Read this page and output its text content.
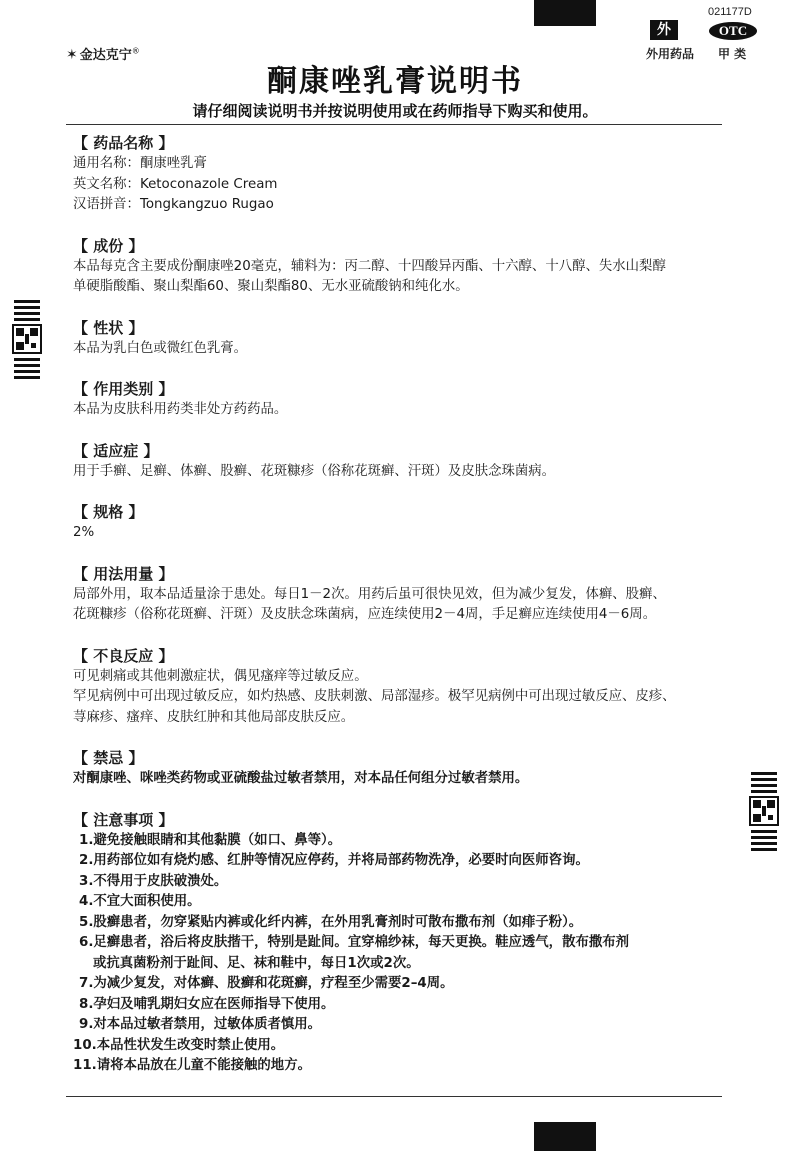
021177D
外	OTC
外用药品 甲 类
✶ 金达克宁®
酮康唑乳膏说明书
请仔细阅读说明书并按说明使用或在药师指导下购买和使用。
【 药品名称 】
通用名称：酮康唑乳膏
英文名称：Ketoconazole Cream
汉语拼音：Tongkangzuo Rugao
【 成份 】
本品每克含主要成份酮康唑20毫克，辅料为：丙二醇、十四酸异丙酯、十六醇、十八醇、失水山梨醇
单硬脂酸酯、聚山梨酯60、聚山梨酯80、无水亚硫酸钠和纯化水。
【 性状 】
本品为乳白色或微红色乳膏。
【 作用类别 】
本品为皮肤科用药类非处方药药品。
【 适应症 】
用于手癣、足癣、体癣、股癣、花斑糠疹（俗称花斑癣、汗斑）及皮肤念珠菌病。
【 规格 】
2%
【 用法用量 】
局部外用，取本品适量涂于患处。每日1－2次。用药后虽可很快见效，但为减少复发，体癣、股癣、
花斑糠疹（俗称花斑癣、汗斑）及皮肤念珠菌病，应连续使用2－4周，手足癣应连续使用4－6周。
【 不良反应 】
可见刺痛或其他刺激症状，偶见瘙痒等过敏反应。
罕见病例中可出现过敏反应，如灼热感、皮肤刺激、局部湿疹。极罕见病例中可出现过敏反应、皮疹、
荨麻疹、瘙痒、皮肤红肿和其他局部皮肤反应。
【 禁忌 】
对酮康唑、咪唑类药物或亚硫酸盐过敏者禁用，对本品任何组分过敏者禁用。
【 注意事项 】
1.避免接触眼睛和其他黏膜（如口、鼻等）。
2.用药部位如有烧灼感、红肿等情况应停药，并将局部药物洗净，必要时向医师咨询。
3.不得用于皮肤破溃处。
4.不宜大面积使用。
5.股癣患者，勿穿紧贴内裤或化纤内裤，在外用乳膏剂时可散布撒布剂（如痱子粉）。
6.足癣患者，浴后将皮肤揩干，特别是趾间。宜穿棉纱袜，每天更换。鞋应透气，散布撒布剂
或抗真菌粉剂于趾间、足、袜和鞋中，每日1次或2次。
7.为减少复发，对体癣、股癣和花斑癣，疗程至少需要2–4周。
8.孕妇及哺乳期妇女应在医师指导下使用。
9.对本品过敏者禁用，过敏体质者慎用。
10.本品性状发生改变时禁止使用。
11.请将本品放在儿童不能接触的地方。
